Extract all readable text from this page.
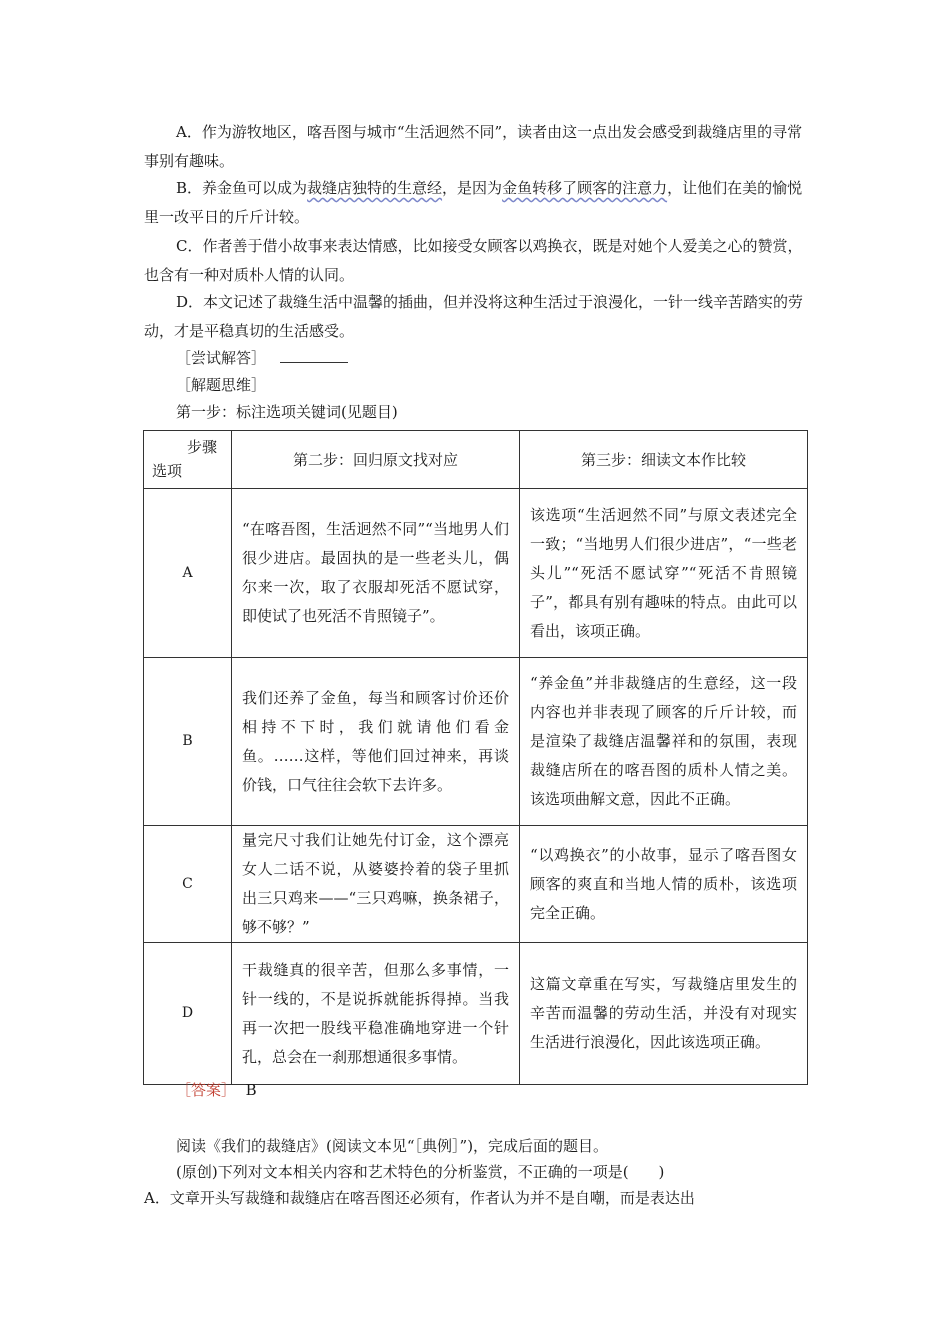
A．作为游牧地区，喀吾图与城市“生活迥然不同”，读者由这一点出发会感受到裁缝店里的寻常事别有趣味。

B．养金鱼可以成为裁缝店独特的生意经，是因为金鱼转移了顾客的注意力，让他们在美的愉悦里一改平日的斤斤计较。

C．作者善于借小故事来表达情感，比如接受女顾客以鸡换衣，既是对她个人爱美之心的赞赏，也含有一种对质朴人情的认同。

D．本文记述了裁缝生活中温馨的插曲，但并没将这种生活过于浪漫化，一针一线辛苦踏实的劳动，才是平稳真切的生活感受。

［尝试解答］
［解题思维］
第一步：标注选项关键词(见题目)
步骤
选项	第二步：回归原文找对应	第三步：细读文本作比较
A	“在喀吾图，生活迥然不同”“当地男人们很少进店。最固执的是一些老头儿，偶尔来一次，取了衣服却死活不愿试穿，即使试了也死活不肯照镜子”。	该选项“生活迥然不同”与原文表述完全一致；“当地男人们很少进店”，“一些老头儿”“死活不愿试穿”“死活不肯照镜子”，都具有别有趣味的特点。由此可以看出，该项正确。
B	我们还养了金鱼，每当和顾客讨价还价相持不下时，我们就请他们看金鱼。……这样，等他们回过神来，再谈价钱，口气往往会软下去许多。	“养金鱼”并非裁缝店的生意经，这一段内容也并非表现了顾客的斤斤计较，而是渲染了裁缝店温馨祥和的氛围，表现裁缝店所在的喀吾图的质朴人情之美。该选项曲解文意，因此不正确。
C	量完尺寸我们让她先付订金，这个漂亮女人二话不说，从婆婆拎着的袋子里抓出三只鸡来——“三只鸡嘛，换条裙子，够不够？”	“以鸡换衣”的小故事，显示了喀吾图女顾客的爽直和当地人情的质朴，该选项完全正确。
D	干裁缝真的很辛苦，但那么多事情，一针一线的，不是说拆就能拆得掉。当我再一次把一股线平稳准确地穿进一个针孔，总会在一刹那想通很多事情。	这篇文章重在写实，写裁缝店里发生的辛苦而温馨的劳动生活，并没有对现实生活进行浪漫化，因此该选项正确。
［答案］ B
阅读《我们的裁缝店》(阅读文本见“［典例］”)，完成后面的题目。
(原创)下列对文本相关内容和艺术特色的分析鉴赏，不正确的一项是(　　)
A．文章开头写裁缝和裁缝店在喀吾图还必须有，作者认为并不是自嘲，而是表达出
